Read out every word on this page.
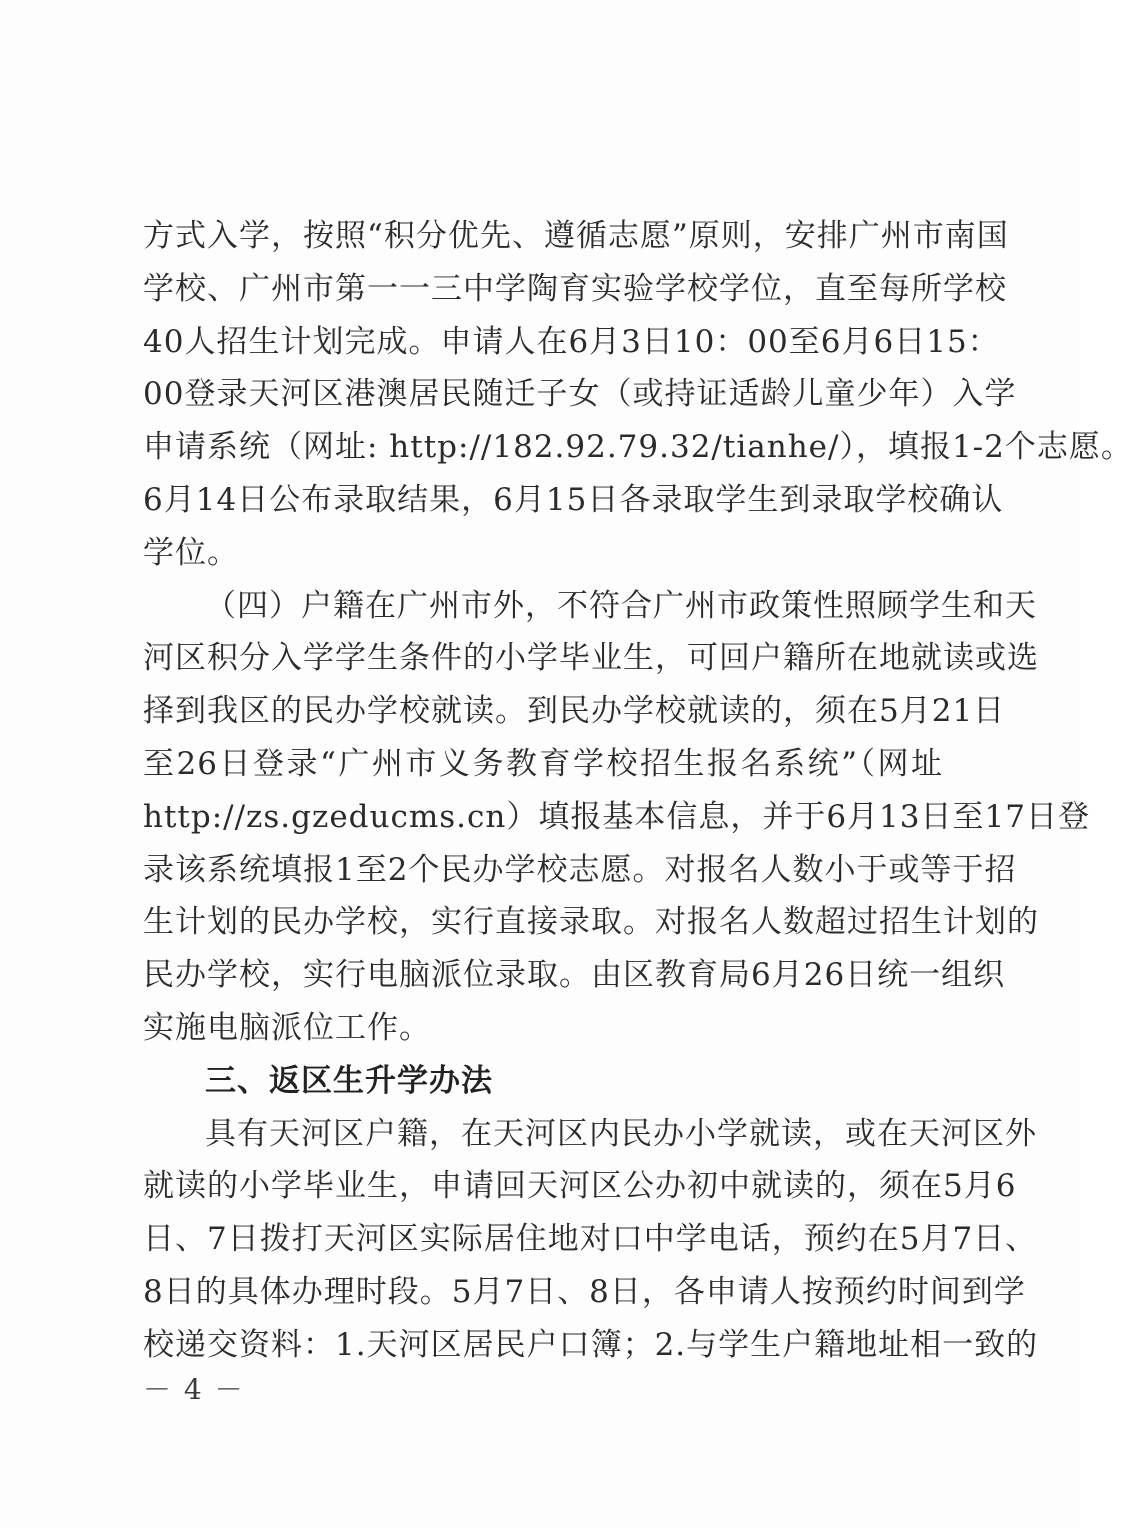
方式入学，按照“积分优先、遵循志愿”原则，安排广州市南国
学校、广州市第一一三中学陶育实验学校学位，直至每所学校
40人招生计划完成。申请人在6月3日10：00至6月6日15：
00登录天河区港澳居民随迁子女（或持证适龄儿童少年）入学
申请系统（网址: http://182.92.79.32/tianhe/），填报1-2个志愿。
6月14日公布录取结果，6月15日各录取学生到录取学校确认
学位。
（四）户籍在广州市外，不符合广州市政策性照顾学生和天
河区积分入学学生条件的小学毕业生，可回户籍所在地就读或选
择到我区的民办学校就读。到民办学校就读的，须在5月21日
至26日登录“广州市义务教育学校招生报名系统”（网址
http://zs.gzeducms.cn）填报基本信息，并于6月13日至17日登
录该系统填报1至2个民办学校志愿。对报名人数小于或等于招
生计划的民办学校，实行直接录取。对报名人数超过招生计划的
民办学校，实行电脑派位录取。由区教育局6月26日统一组织
实施电脑派位工作。
三、返区生升学办法
具有天河区户籍，在天河区内民办小学就读，或在天河区外
就读的小学毕业生，申请回天河区公办初中就读的，须在5月6
日、7日拨打天河区实际居住地对口中学电话，预约在5月7日、
8日的具体办理时段。5月7日、8日，各申请人按预约时间到学
校递交资料：1.天河区居民户口簿；2.与学生户籍地址相一致的
－ 4 －
